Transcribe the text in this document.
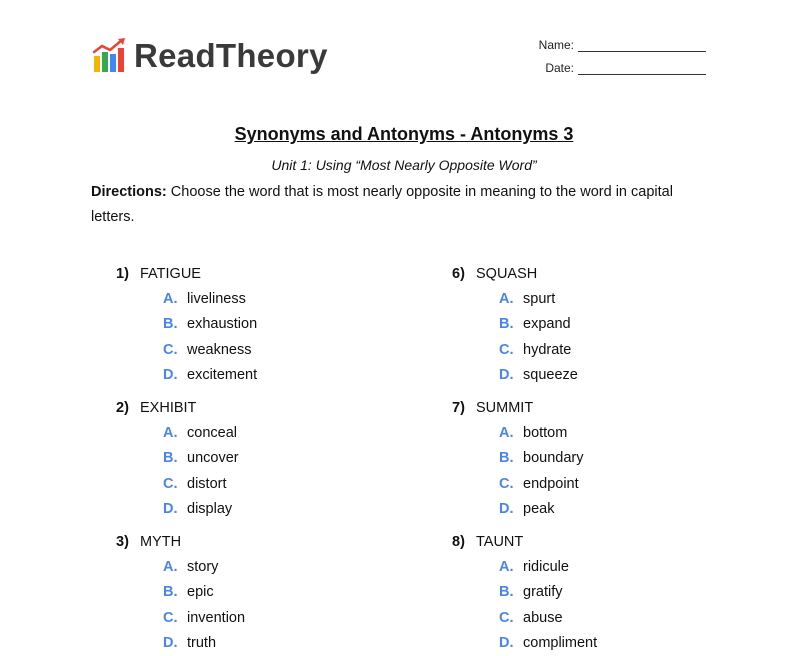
ReadTheory	Name:
Date:
Synonyms and Antonyms - Antonyms 3
Unit 1: Using “Most Nearly Opposite Word”
Directions: Choose the word that is most nearly opposite in meaning to the word in capital letters.
1) FATIGUE
A. liveliness
B. exhaustion
C. weakness
D. excitement
2) EXHIBIT
A. conceal
B. uncover
C. distort
D. display
3) MYTH
A. story
B. epic
C. invention
D. truth
6) SQUASH
A. spurt
B. expand
C. hydrate
D. squeeze
7) SUMMIT
A. bottom
B. boundary
C. endpoint
D. peak
8) TAUNT
A. ridicule
B. gratify
C. abuse
D. compliment
